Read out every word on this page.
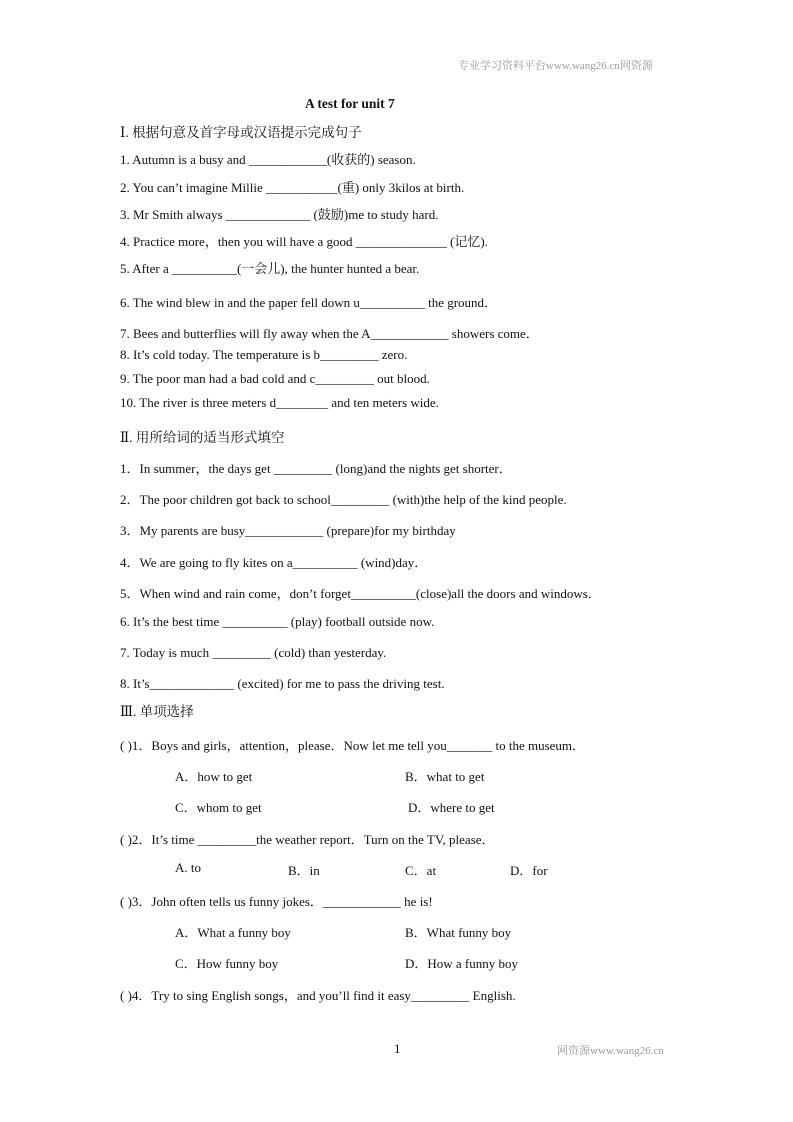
专业学习资料平台www.wang26.cn网资源
A test for unit 7
Ⅰ. 根据句意及首字母或汉语提示完成句子
1. Autumn is a busy and ____________(收获的) season.
2. You can’t imagine Millie ___________(重) only 3kilos at birth.
3. Mr Smith always _____________ (鼓励)me to study hard.
4. Practice more，then you will have a good ______________ (记忆).
5. After a __________(一会儿), the hunter hunted a bear.
6. The wind blew in and the paper fell down u__________ the ground．
7. Bees and butterflies will fly away when the A____________ showers come．
8. It’s cold today. The temperature is b_________ zero.
9. The poor man had a bad cold and c_________ out blood.
10. The river is three meters d________ and ten meters wide.
Ⅱ. 用所给词的适当形式填空
1．In summer，the days get _________ (long)and the nights get shorter．
2．The poor children got back to school_________ (with)the help of the kind people.
3．My parents are busy____________ (prepare)for my birthday
4．We are going to fly kites on a__________ (wind)day．
5．When wind and rain come，don’t forget__________(close)all the doors and windows．
6. It’s the best time __________ (play) football outside now.
7. Today is much _________ (cold) than yesterday.
8. It’s_____________ (excited) for me to pass the driving test.
Ⅲ. 单项选择
( )1．Boys and girls，attention，please．Now let me tell you_______ to the museum．
A．how to get	B．what to get
C．whom to get	D．where to get
( )2．It’s time _________the weather report．Turn on the TV, please．
A. to	B．in	C．at	D．for
( )3．John often tells us funny jokes．____________ he is!
A．What a funny boy	B．What funny boy
C．How funny boy	D．How a funny boy
( )4．Try to sing English songs，and you’ll find it easy_________ English.
1	网资源www.wang26.cn
